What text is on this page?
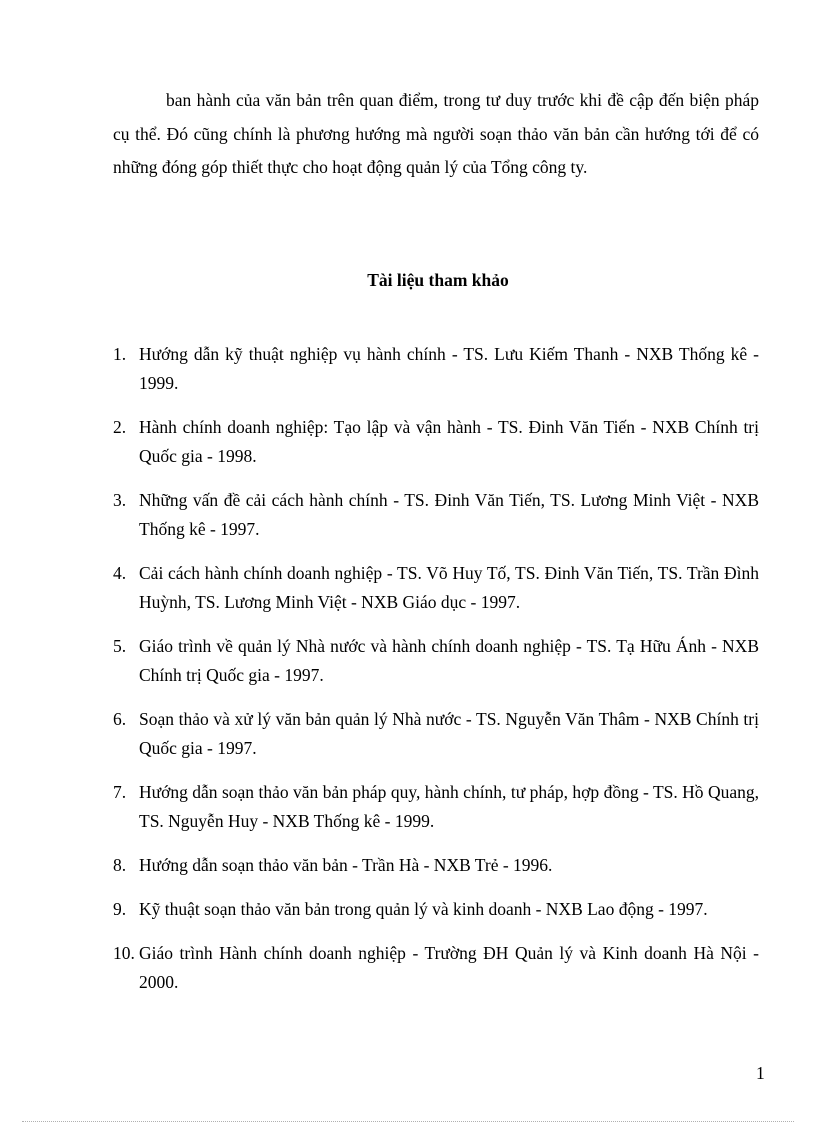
ban hành của văn bản trên quan điểm, trong tư duy trước khi đề cập đến biện pháp cụ thể. Đó cũng chính là phương hướng mà người soạn thảo văn bản cần hướng tới để có những đóng góp thiết thực cho hoạt động quản lý của Tổng công ty.

Tài liệu tham khảo
1. Hướng dẫn kỹ thuật nghiệp vụ hành chính - TS. Lưu Kiếm Thanh - NXB Thống kê - 1999.
2. Hành chính doanh nghiệp: Tạo lập và vận hành - TS. Đinh Văn Tiến - NXB Chính trị Quốc gia - 1998.
3. Những vấn đề cải cách hành chính - TS. Đinh Văn Tiến, TS. Lương Minh Việt - NXB Thống kê - 1997.
4. Cải cách hành chính doanh nghiệp - TS. Võ Huy Tố, TS. Đinh Văn Tiến, TS. Trần Đình Huỳnh, TS. Lương Minh Việt - NXB Giáo dục - 1997.
5. Giáo trình về quản lý Nhà nước và hành chính doanh nghiệp - TS. Tạ Hữu Ánh - NXB Chính trị Quốc gia - 1997.
6. Soạn thảo và xử lý văn bản quản lý Nhà nước - TS. Nguyễn Văn Thâm - NXB Chính trị Quốc gia - 1997.
7. Hướng dẫn soạn thảo văn bản pháp quy, hành chính, tư pháp, hợp đồng - TS. Hồ Quang, TS. Nguyễn Huy - NXB Thống kê - 1999.
8. Hướng dẫn soạn thảo văn bản - Trần Hà - NXB Trẻ - 1996.
9. Kỹ thuật soạn thảo văn bản trong quản lý và kinh doanh - NXB Lao động - 1997.
10. Giáo trình Hành chính doanh nghiệp - Trường ĐH Quản lý và Kinh doanh Hà Nội - 2000.
1
